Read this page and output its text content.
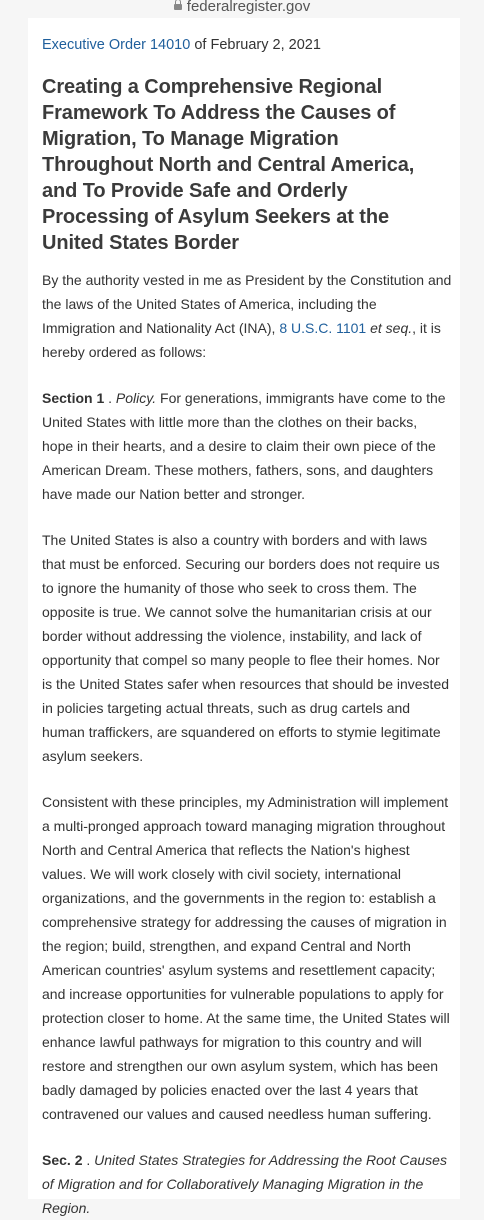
federalregister.gov
Executive Order 14010 of February 2, 2021
Creating a Comprehensive Regional Framework To Address the Causes of Migration, To Manage Migration Throughout North and Central America, and To Provide Safe and Orderly Processing of Asylum Seekers at the United States Border

By the authority vested in me as President by the Constitution and the laws of the United States of America, including the Immigration and Nationality Act (INA), 8 U.S.C. 1101 et seq., it is hereby ordered as follows:

Section 1 . Policy. For generations, immigrants have come to the United States with little more than the clothes on their backs, hope in their hearts, and a desire to claim their own piece of the American Dream. These mothers, fathers, sons, and daughters have made our Nation better and stronger.

The United States is also a country with borders and with laws that must be enforced. Securing our borders does not require us to ignore the humanity of those who seek to cross them. The opposite is true. We cannot solve the humanitarian crisis at our border without addressing the violence, instability, and lack of opportunity that compel so many people to flee their homes. Nor is the United States safer when resources that should be invested in policies targeting actual threats, such as drug cartels and human traffickers, are squandered on efforts to stymie legitimate asylum seekers.

Consistent with these principles, my Administration will implement a multi-pronged approach toward managing migration throughout North and Central America that reflects the Nation's highest values. We will work closely with civil society, international organizations, and the governments in the region to: establish a comprehensive strategy for addressing the causes of migration in the region; build, strengthen, and expand Central and North American countries' asylum systems and resettlement capacity; and increase opportunities for vulnerable populations to apply for protection closer to home. At the same time, the United States will enhance lawful pathways for migration to this country and will restore and strengthen our own asylum system, which has been badly damaged by policies enacted over the last 4 years that contravened our values and caused needless human suffering.

Sec. 2 . United States Strategies for Addressing the Root Causes of Migration and for Collaboratively Managing Migration in the Region.
